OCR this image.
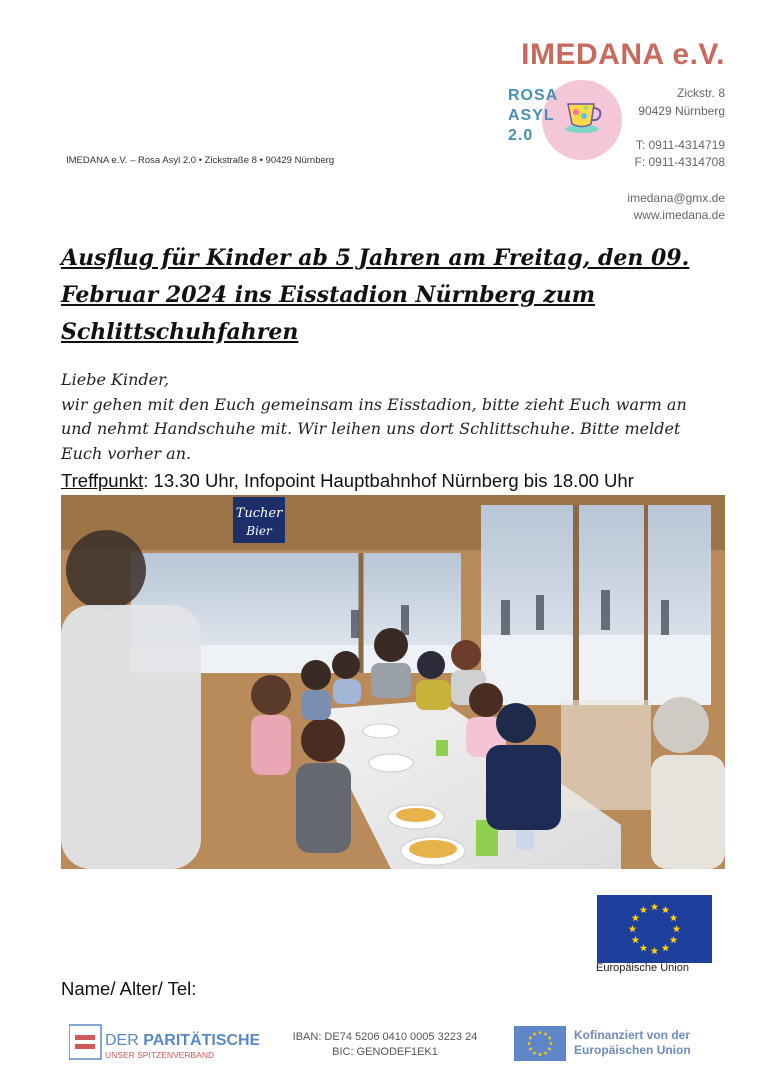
IMEDANA e.V.
ROSA
ASYL
2.0
Zickstr. 8
90429 Nürnberg
T: 0911-4314719
F: 0911-4314708
imedana@gmx.de
www.imedana.de
IMEDANA e.V. – Rosa Asyl 2.0 • Zickstraße 8 • 90429 Nürnberg
Ausflug für Kinder ab 5 Jahren am Freitag, den 09. Februar 2024 ins Eisstadion Nürnberg zum Schlittschuhfahren
Liebe Kinder,
wir gehen mit den Euch gemeinsam ins Eisstadion, bitte zieht Euch warm an und nehmt Handschuhe mit. Wir leihen uns dort Schlittschuhe. Bitte meldet Euch vorher an.
Treffpunkt: 13.30 Uhr, Infopoint Hauptbahnhof Nürnberg bis 18.00 Uhr
Tucher
Bier
Europäische Union
Name/ Alter/ Tel:
DER PARITÄTISCHE
UNSER SPITZENVERBAND
IBAN: DE74 5206 0410 0005 3223 24
BIC: GENODEF1EK1
Kofinanziert von der
Europäischen Union
